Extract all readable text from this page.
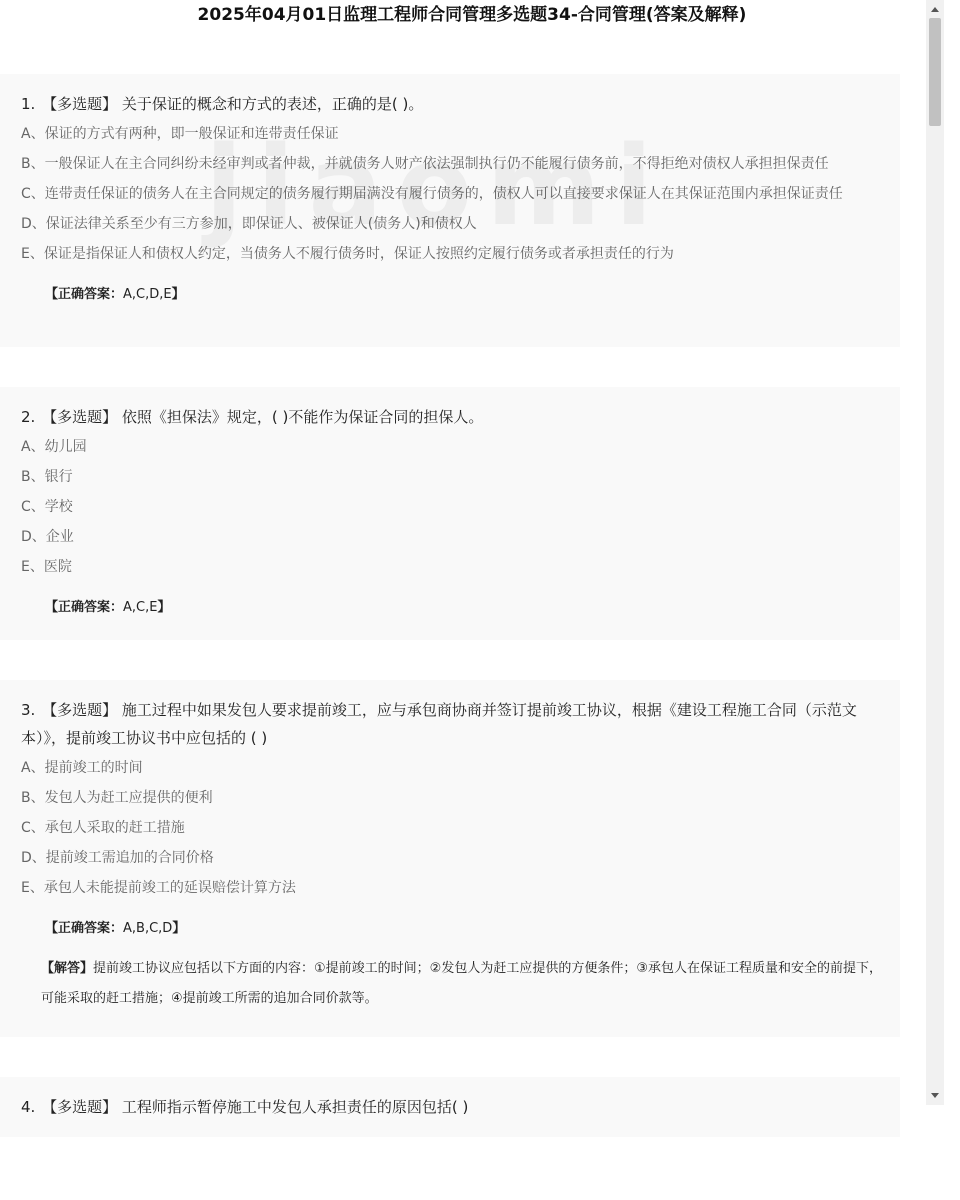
2025年04月01日监理工程师合同管理多选题34-合同管理(答案及解释)
1. 【多选题】 关于保证的概念和方式的表述，正确的是( )。
A、保证的方式有两种，即一般保证和连带责任保证
B、一般保证人在主合同纠纷未经审判或者仲裁，并就债务人财产依法强制执行仍不能履行债务前，不得拒绝对债权人承担担保责任
C、连带责任保证的债务人在主合同规定的债务履行期届满没有履行债务的，债权人可以直接要求保证人在其保证范围内承担保证责任
D、保证法律关系至少有三方参加，即保证人、被保证人(债务人)和债权人
E、保证是指保证人和债权人约定，当债务人不履行债务时，保证人按照约定履行债务或者承担责任的行为
【正确答案：A,C,D,E】
2. 【多选题】 依照《担保法》规定，( )不能作为保证合同的担保人。
A、幼儿园
B、银行
C、学校
D、企业
E、医院
【正确答案：A,C,E】
3. 【多选题】 施工过程中如果发包人要求提前竣工，应与承包商协商并签订提前竣工协议，根据《建设工程施工合同（示范文本）》，提前竣工协议书中应包括的 ( )
A、提前竣工的时间
B、发包人为赶工应提供的便利
C、承包人采取的赶工措施
D、提前竣工需追加的合同价格
E、承包人未能提前竣工的延误赔偿计算方法
【正确答案：A,B,C,D】
【解答】提前竣工协议应包括以下方面的内容：①提前竣工的时间；②发包人为赶工应提供的方便条件；③承包人在保证工程质量和安全的前提下，可能采取的赶工措施；④提前竣工所需的追加合同价款等。
4. 【多选题】 工程师指示暂停施工中发包人承担责任的原因包括( )
